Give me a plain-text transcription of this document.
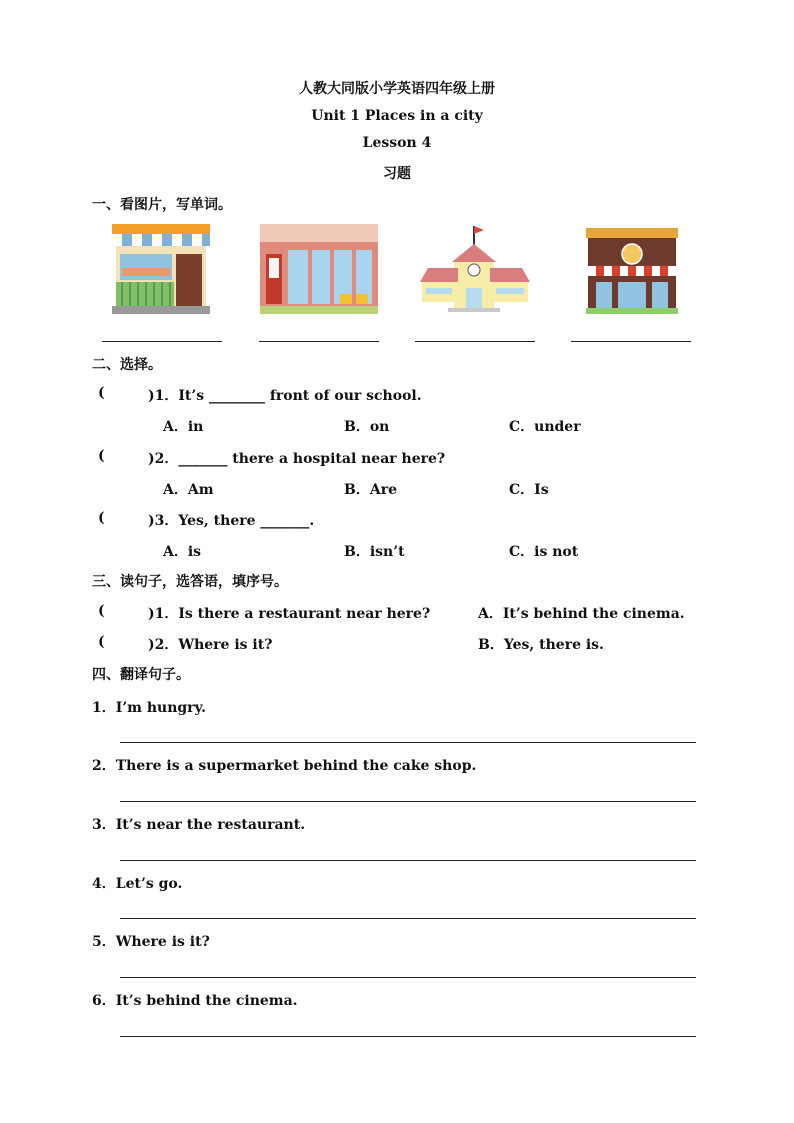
人教大同版小学英语四年级上册
Unit 1 Places in a city
Lesson 4
习题
一、看图片，写单词。
二、选择。
(	)1．It’s ________ front of our school.
A．in	B．on	C．under
(	)2．_______ there a hospital near here?
A．Am	B．Are	C．Is
(	)3．Yes, there _______.
A．is	B．isn’t	C．is not
三、读句子，选答语，填序号。
(	)1．Is there a restaurant near here?	A．It’s behind the cinema.
(	)2．Where is it?	B．Yes, there is.
四、翻译句子。
1．I’m hungry.
2．There is a supermarket behind the cake shop.
3．It’s near the restaurant.
4．Let’s go.
5．Where is it?
6．It’s behind the cinema.
